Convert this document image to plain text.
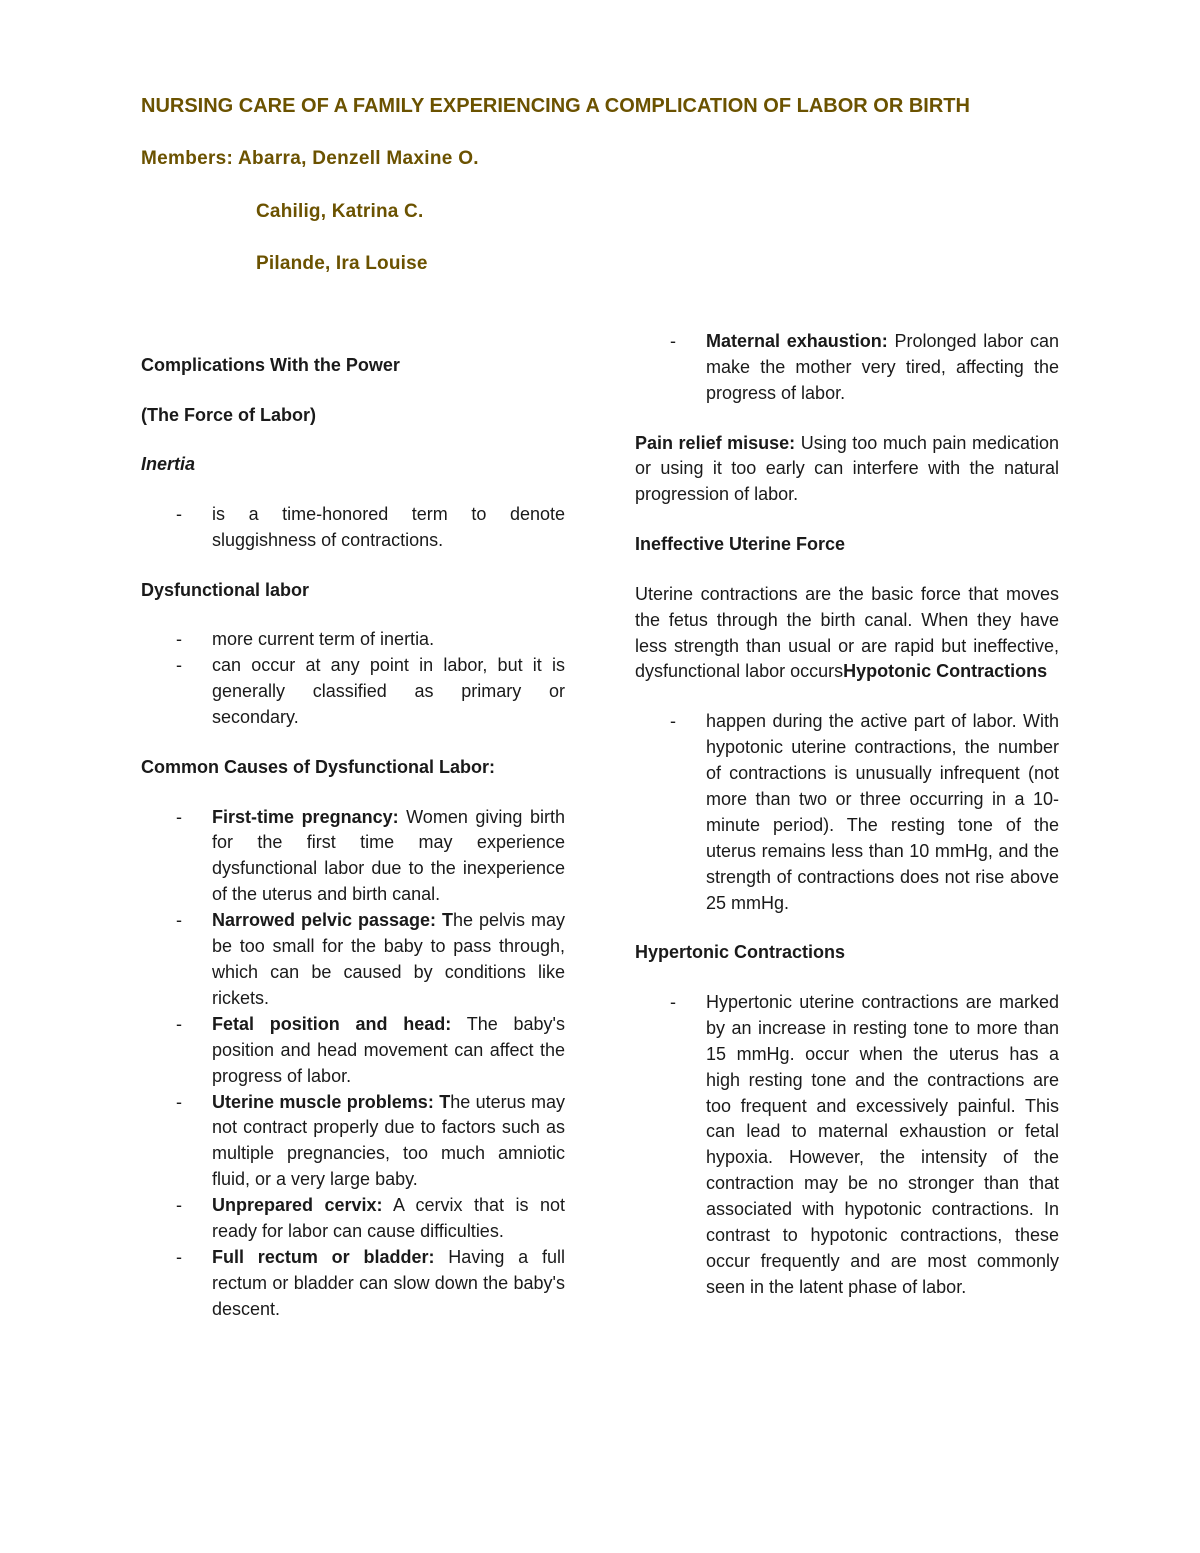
NURSING CARE OF A FAMILY EXPERIENCING A COMPLICATION OF LABOR OR BIRTH
Members: Abarra, Denzell Maxine O.
Cahilig, Katrina C.
Pilande, Ira Louise
Complications With the Power
(The Force of Labor)
Inertia
- is a time-honored term to denote sluggishness of contractions.
Dysfunctional labor
- more current term of inertia.
- can occur at any point in labor, but it is generally classified as primary or secondary.
Common Causes of Dysfunctional Labor:
- First-time pregnancy: Women giving birth for the first time may experience dysfunctional labor due to the inexperience of the uterus and birth canal.
- Narrowed pelvic passage: The pelvis may be too small for the baby to pass through, which can be caused by conditions like rickets.
- Fetal position and head: The baby's position and head movement can affect the progress of labor.
- Uterine muscle problems: The uterus may not contract properly due to factors such as multiple pregnancies, too much amniotic fluid, or a very large baby.
- Unprepared cervix: A cervix that is not ready for labor can cause difficulties.
- Full rectum or bladder: Having a full rectum or bladder can slow down the baby's descent.
- Maternal exhaustion: Prolonged labor can make the mother very tired, affecting the progress of labor.

Pain relief misuse: Using too much pain medication or using it too early can interfere with the natural progression of labor.

Ineffective Uterine Force

Uterine contractions are the basic force that moves the fetus through the birth canal. When they have less strength than usual or are rapid but ineffective, dysfunctional labor occursHypotonic Contractions

- happen during the active part of labor. With hypotonic uterine contractions, the number of contractions is unusually infrequent (not more than two or three occurring in a 10- minute period). The resting tone of the uterus remains less than 10 mmHg, and the strength of contractions does not rise above 25 mmHg.
Hypertonic Contractions
- Hypertonic uterine contractions are marked by an increase in resting tone to more than 15 mmHg. occur when the uterus has a high resting tone and the contractions are too frequent and excessively painful. This can lead to maternal exhaustion or fetal hypoxia. However, the intensity of the contraction may be no stronger than that associated with hypotonic contractions. In contrast to hypotonic contractions, these occur frequently and are most commonly seen in the latent phase of labor.
